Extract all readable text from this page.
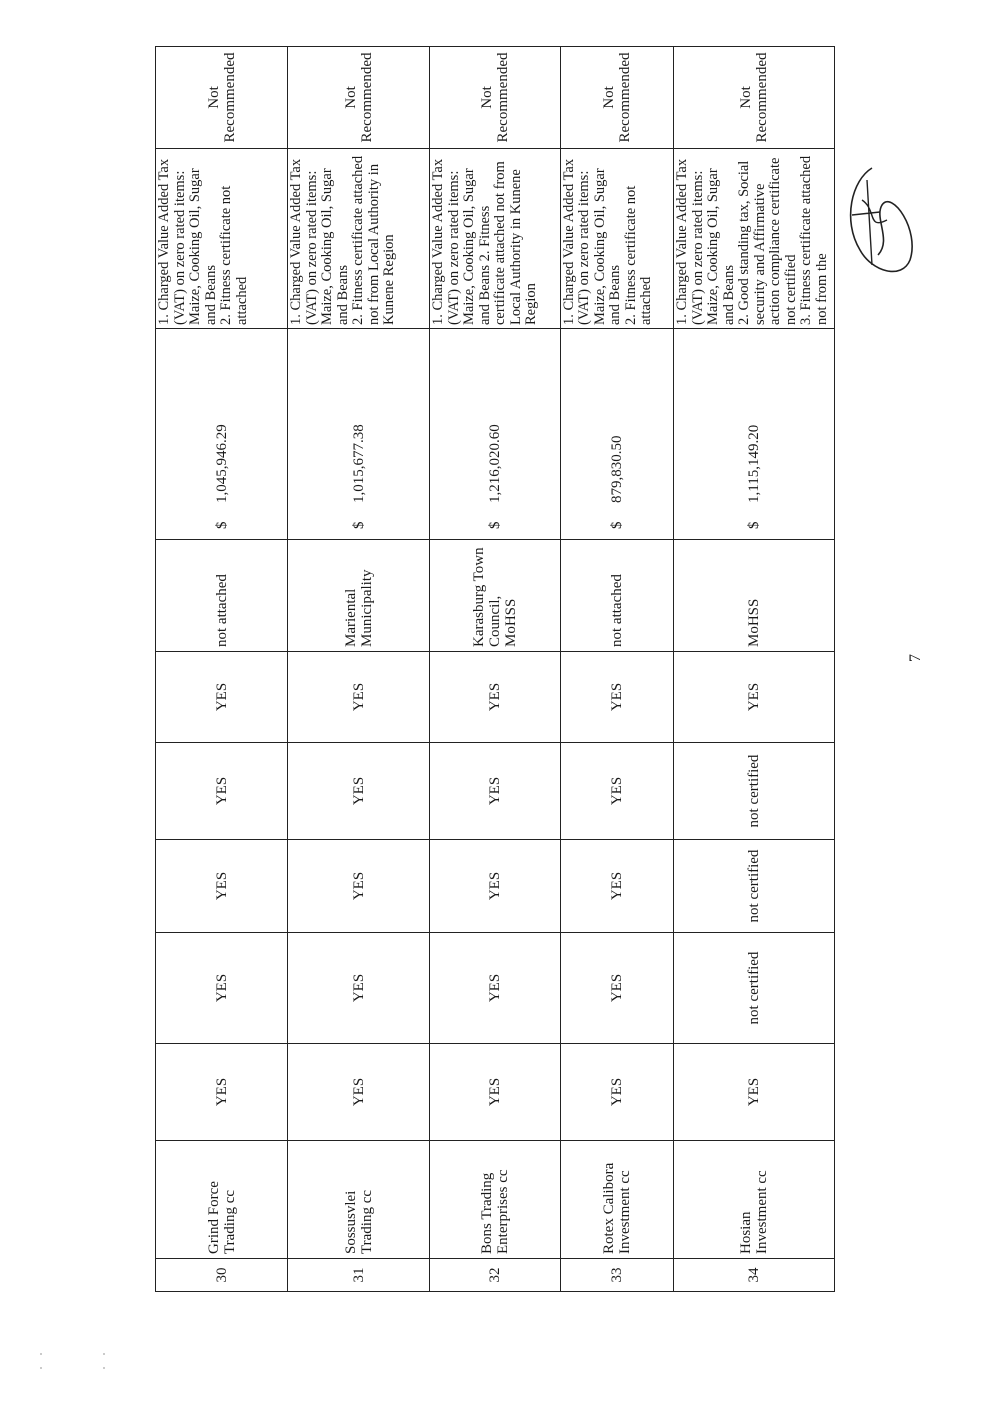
30	Grind Force Trading cc	YES	YES	YES	YES	YES	not attached	$1,045,946.29	1. Charged Value Added Tax (VAT) on zero rated items: Maize, Cooking Oil, Sugar and Beans 2. Fitness certificate not attached	Not Recommended
31	Sossusvlei Trading cc	YES	YES	YES	YES	YES	Mariental Municipality	$1,015,677.38	1. Charged Value Added Tax (VAT) on zero rated items: Maize, Cooking Oil, Sugar and Beans 2. Fitness certificate attached not from Local Authority in Kunene Region	Not Recommended
32	Bons Trading Enterprises cc	YES	YES	YES	YES	YES	Karasburg Town Council, MoHSS	$1,216,020.60	1. Charged Value Added Tax (VAT) on zero rated items: Maize, Cooking Oil, Sugar and Beans 2. Fitness certificate attached not from Local Authority in Kunene Region	Not Recommended
33	Rotex Calibora Investment cc	YES	YES	YES	YES	YES	not attached	$879,830.50	1. Charged Value Added Tax (VAT) on zero rated items: Maize, Cooking Oil, Sugar and Beans 2. Fitness certificate not attached	Not Recommended
34	Hosian Investment cc	YES	not certified	not certified	not certified	YES	MoHSS	$1,115,149.20	1. Charged Value Added Tax (VAT) on zero rated items: Maize, Cooking Oil, Sugar and Beans 2. Good standing tax, Social security and Affirmative action compliance certificate not certified 3. Fitness certificate attached not from the	Not Recommended
7
